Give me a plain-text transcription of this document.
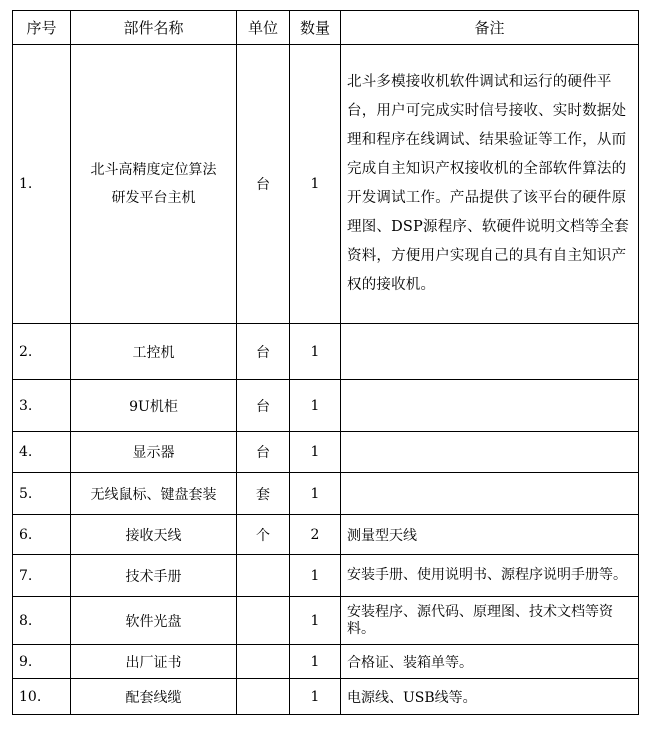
序号	部件名称	单位	数量	备注
1.	北斗高精度定位算法
研发平台主机	台	1	北斗多模接收机软件调试和运行的硬件平台，用户可完成实时信号接收、实时数据处理和程序在线调试、结果验证等工作，从而完成自主知识产权接收机的全部软件算法的开发调试工作。产品提供了该平台的硬件原理图、DSP源程序、软硬件说明文档等全套资料，方便用户实现自己的具有自主知识产权的接收机。
2.	工控机	台	1	
3.	9U机柜	台	1	
4.	显示器	台	1	
5.	无线鼠标、键盘套装	套	1	
6.	接收天线	个	2	测量型天线
7.	技术手册		1	安装手册、使用说明书、源程序说明手册等。
8.	软件光盘		1	安装程序、源代码、原理图、技术文档等资料。
9.	出厂证书		1	合格证、装箱单等。
10.	配套线缆		1	电源线、USB线等。
